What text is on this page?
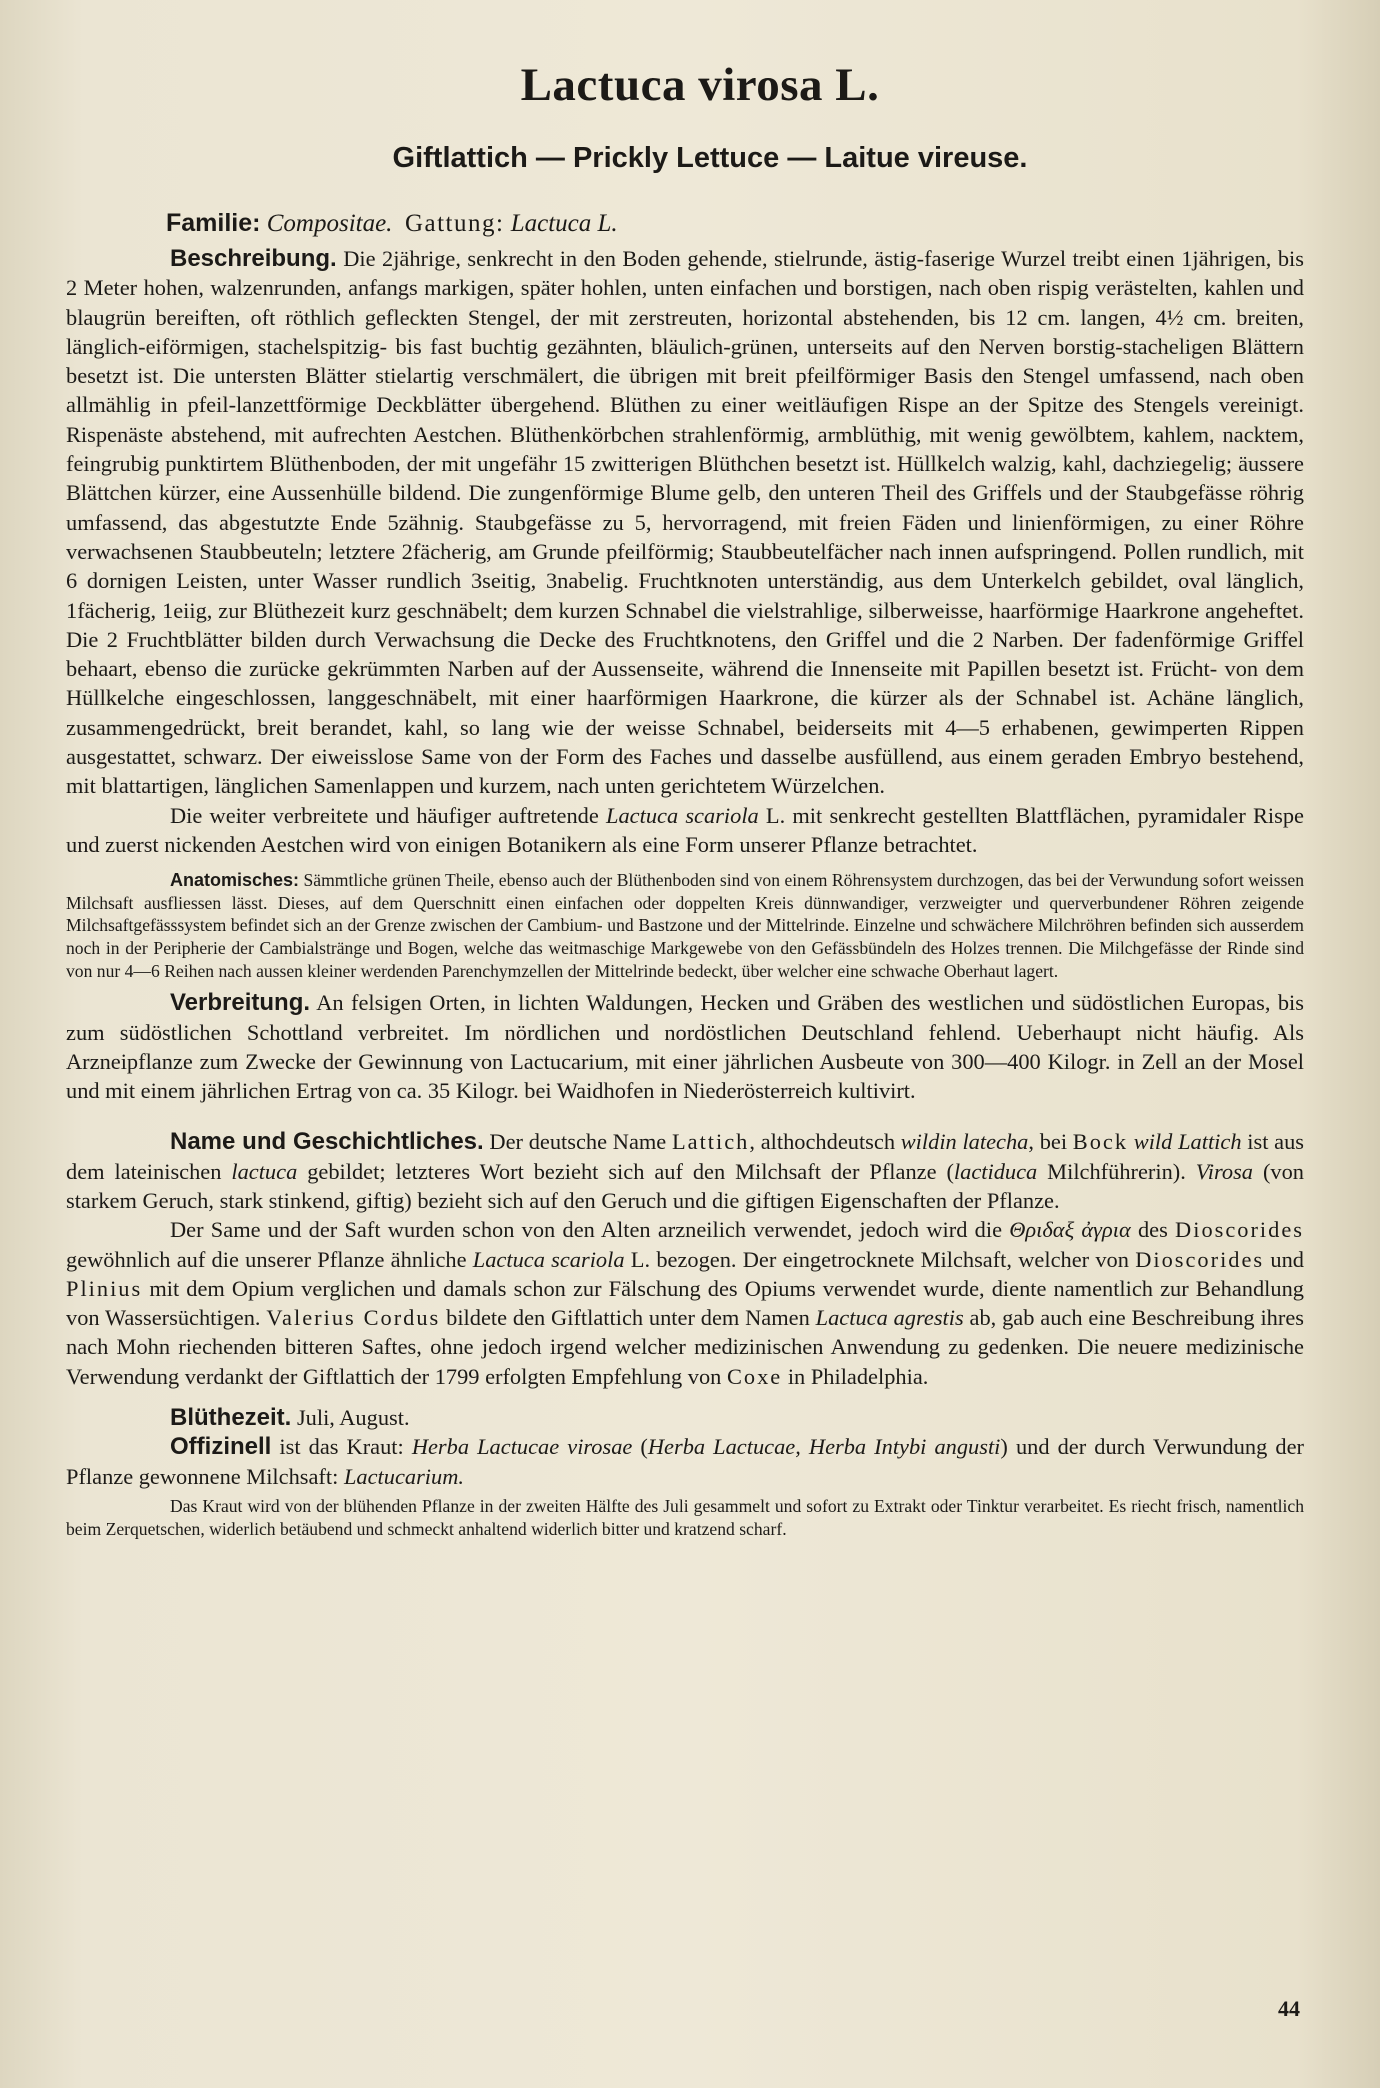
Lactuca virosa L.
Giftlattich — Prickly Lettuce — Laitue vireuse.
Familie: Compositae. Gattung: Lactuca L.

Beschreibung. Die 2jährige, senkrecht in den Boden gehende, stielrunde, ästig-faserige Wurzel treibt einen 1jährigen, bis 2 Meter hohen, walzenrunden, anfangs markigen, später hohlen, unten einfachen und borstigen, nach oben rispig verästelten, kahlen und blaugrün bereiften, oft röthlich gefleckten Stengel, der mit zerstreuten, horizontal abstehenden, bis 12 cm. langen, 4½ cm. breiten, länglich-eiförmigen, stachelspitzig- bis fast buchtig gezähnten, bläulich-grünen, unterseits auf den Nerven borstig-stacheligen Blättern besetzt ist. Die untersten Blätter stielartig verschmälert, die übrigen mit breit pfeilförmiger Basis den Stengel umfassend, nach oben allmählig in pfeil-lanzettförmige Deckblätter übergehend. Blüthen zu einer weitläufigen Rispe an der Spitze des Stengels vereinigt. Rispenäste abstehend, mit aufrechten Aestchen. Blüthenkörbchen strahlenförmig, armblüthig, mit wenig gewölbtem, kahlem, nacktem, feingrubig punktirtem Blüthenboden, der mit ungefähr 15 zwitterigen Blüthchen besetzt ist. Hüllkelch walzig, kahl, dachziegelig; äussere Blättchen kürzer, eine Aussenhülle bildend. Die zungenförmige Blume gelb, den unteren Theil des Griffels und der Staubgefässe röhrig umfassend, das abgestutzte Ende 5zähnig. Staubgefässe zu 5, hervorragend, mit freien Fäden und linienförmigen, zu einer Röhre verwachsenen Staubbeuteln; letztere 2fächerig, am Grunde pfeilförmig; Staubbeutelfächer nach innen aufspringend. Pollen rundlich, mit 6 dornigen Leisten, unter Wasser rundlich 3seitig, 3nabelig. Fruchtknoten unterständig, aus dem Unterkelch gebildet, oval länglich, 1fächerig, 1eiig, zur Blüthezeit kurz geschnäbelt; dem kurzen Schnabel die vielstrahlige, silberweisse, haarförmige Haarkrone angeheftet. Die 2 Fruchtblätter bilden durch Verwachsung die Decke des Fruchtknotens, den Griffel und die 2 Narben. Der fadenförmige Griffel behaart, ebenso die zurücke gekrümmten Narben auf der Aussenseite, während die Innenseite mit Papillen besetzt ist. Frücht- von dem Hüllkelche eingeschlossen, langgeschnäbelt, mit einer haarförmigen Haarkrone, die kürzer als der Schnabel ist. Achäne länglich, zusammengedrückt, breit berandet, kahl, so lang wie der weisse Schnabel, beiderseits mit 4—5 erhabenen, gewimperten Rippen ausgestattet, schwarz. Der eiweisslose Same von der Form des Faches und dasselbe ausfüllend, aus einem geraden Embryo bestehend, mit blattartigen, länglichen Samenlappen und kurzem, nach unten gerichtetem Würzelchen.

Die weiter verbreitete und häufiger auftretende Lactuca scariola L. mit senkrecht gestellten Blattflächen, pyramidaler Rispe und zuerst nickenden Aestchen wird von einigen Botanikern als eine Form unserer Pflanze betrachtet.

Anatomisches: Sämmtliche grünen Theile, ebenso auch der Blüthenboden sind von einem Röhrensystem durchzogen, das bei der Verwundung sofort weissen Milchsaft ausfliessen lässt. Dieses, auf dem Querschnitt einen einfachen oder doppelten Kreis dünnwandiger, verzweigter und querverbundener Röhren zeigende Milchsaftgefässsystem befindet sich an der Grenze zwischen der Cambium- und Bastzone und der Mittelrinde. Einzelne und schwächere Milchröhren befinden sich ausserdem noch in der Peripherie der Cambialstränge und Bogen, welche das weitmaschige Markgewebe von den Gefässbündeln des Holzes trennen. Die Milchgefässe der Rinde sind von nur 4—6 Reihen nach aussen kleiner werdenden Parenchymzellen der Mittelrinde bedeckt, über welcher eine schwache Oberhaut lagert.

Verbreitung. An felsigen Orten, in lichten Waldungen, Hecken und Gräben des westlichen und südöstlichen Europas, bis zum südöstlichen Schottland verbreitet. Im nördlichen und nordöstlichen Deutschland fehlend. Ueberhaupt nicht häufig. Als Arzneipflanze zum Zwecke der Gewinnung von Lactucarium, mit einer jährlichen Ausbeute von 300—400 Kilogr. in Zell an der Mosel und mit einem jährlichen Ertrag von ca. 35 Kilogr. bei Waidhofen in Niederösterreich kultivirt.

Name und Geschichtliches. Der deutsche Name Lattich, althochdeutsch wildin latecha, bei Bock wild Lattich ist aus dem lateinischen lactuca gebildet; letzteres Wort bezieht sich auf den Milchsaft der Pflanze (lactiduca Milchführerin). Virosa (von starkem Geruch, stark stinkend, giftig) bezieht sich auf den Geruch und die giftigen Eigenschaften der Pflanze.

Der Same und der Saft wurden schon von den Alten arzneilich verwendet, jedoch wird die Θριδαξ ἀγρια des Dioscorides gewöhnlich auf die unserer Pflanze ähnliche Lactuca scariola L. bezogen. Der eingetrocknete Milchsaft, welcher von Dioscorides und Plinius mit dem Opium verglichen und damals schon zur Fälschung des Opiums verwendet wurde, diente namentlich zur Behandlung von Wassersüchtigen. Valerius Cordus bildete den Giftlattich unter dem Namen Lactuca agrestis ab, gab auch eine Beschreibung ihres nach Mohn riechenden bitteren Saftes, ohne jedoch irgend welcher medizinischen Anwendung zu gedenken. Die neuere medizinische Verwendung verdankt der Giftlattich der 1799 erfolgten Empfehlung von Coxe in Philadelphia.

Blüthezeit. Juli, August.

Offizinell ist das Kraut: Herba Lactucae virosae (Herba Lactucae, Herba Intybi angusti) und der durch Verwundung der Pflanze gewonnene Milchsaft: Lactucarium.

Das Kraut wird von der blühenden Pflanze in der zweiten Hälfte des Juli gesammelt und sofort zu Extrakt oder Tinktur verarbeitet. Es riecht frisch, namentlich beim Zerquetschen, widerlich betäubend und schmeckt anhaltend widerlich bitter und kratzend scharf.

44
